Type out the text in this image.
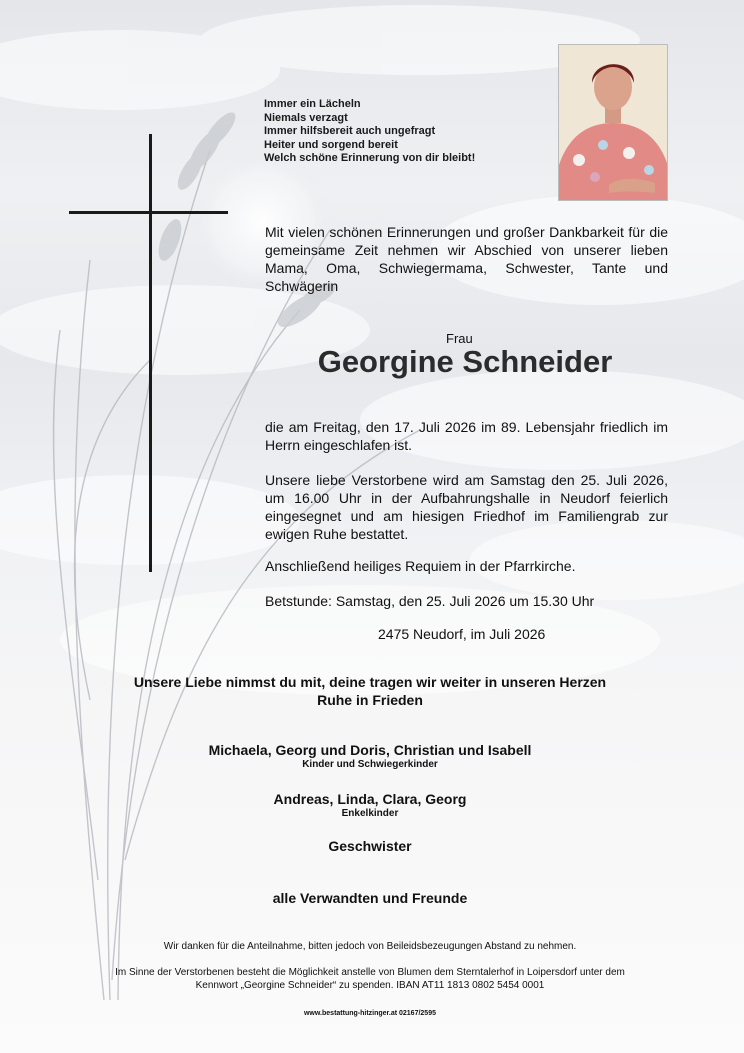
Immer ein Lächeln
Niemals verzagt
Immer hilfsbereit auch ungefragt
Heiter und sorgend bereit
Welch schöne Erinnerung von dir bleibt!

Mit vielen schönen Erinnerungen und großer Dankbarkeit für die gemeinsame Zeit nehmen wir Abschied von unserer lieben Mama, Oma, Schwiegermama, Schwester, Tante und Schwägerin

Frau
Georgine Schneider

die am Freitag, den 17. Juli 2026 im 89. Lebensjahr friedlich im Herrn eingeschlafen ist.

Unsere liebe Verstorbene wird am Samstag den 25. Juli 2026, um 16.00 Uhr in der Aufbahrungshalle in Neudorf feierlich eingesegnet und am hiesigen Friedhof im Familiengrab zur ewigen Ruhe bestattet.

Anschließend heiliges Requiem in der Pfarrkirche.

Betstunde: Samstag, den 25. Juli 2026 um 15.30 Uhr

2475 Neudorf, im Juli 2026
Unsere Liebe nimmst du mit, deine tragen wir weiter in unseren Herzen
Ruhe in Frieden
Michaela, Georg und Doris, Christian und Isabell
Kinder und Schwiegerkinder
Andreas, Linda, Clara, Georg
Enkelkinder
Geschwister
alle Verwandten und Freunde
Wir danken für die Anteilnahme, bitten jedoch von Beileidsbezeugungen Abstand zu nehmen.
Im Sinne der Verstorbenen besteht die Möglichkeit anstelle von Blumen dem Sterntalerhof in Loipersdorf unter dem
Kennwort „Georgine Schneider“ zu spenden. IBAN AT11 1813 0802 5454 0001
www.bestattung-hitzinger.at 02167/2595
